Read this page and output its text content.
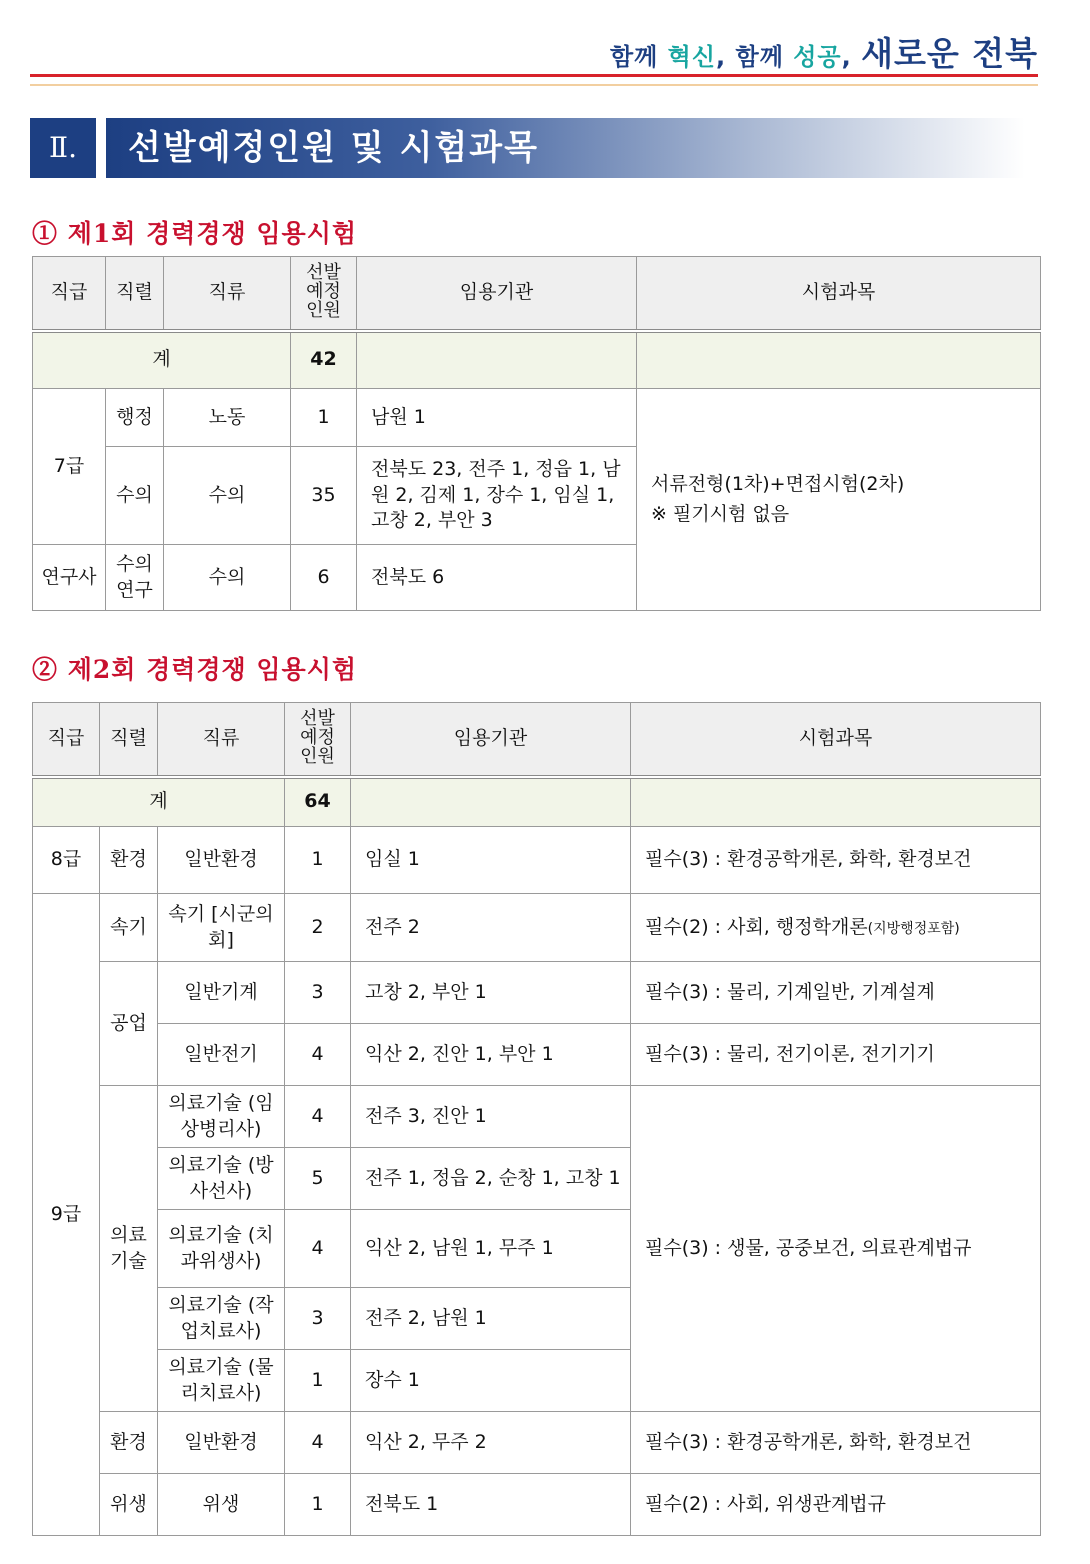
함께 혁신, 함께 성공, 새로운 전북
Ⅱ.	선발예정인원 및 시험과목
① 제1회 경력경쟁 임용시험
직급	직렬	직류	선발
예정
인원	임용기관	시험과목
계			42		
7급	행정	노동	1	남원 1	서류전형(1차)+면접시험(2차)
※ 필기시험 없음

	수의	수의	35	전북도 23, 전주 1, 정읍 1, 남원 2, 김제 1, 장수 1, 임실 1, 고창 2, 부안 3	
연구사	수의연구	수의	6	전북도 6	
② 제2회 경력경쟁 임용시험
직급	직렬	직류	선발
예정
인원	임용기관	시험과목
계			64		
8급	환경	일반환경	1	임실 1	필수(3) : 환경공학개론, 화학, 환경보건
9급	속기	속기 [시군의회]	2	전주 2	필수(2) : 사회, 행정학개론(지방행정포함)
	공업	일반기계	3	고창 2, 부안 1	필수(3) : 물리, 기계일반, 기계설계
		일반전기	4	익산 2, 진안 1, 부안 1	필수(3) : 물리, 전기이론, 전기기기
	의료기술	의료기술 (임상병리사)	4	전주 3, 진안 1	필수(3) : 생물, 공중보건, 의료관계법규
		의료기술 (방사선사)	5	전주 1, 정읍 2, 순창 1, 고창 1	
		의료기술 (치과위생사)	4	익산 2, 남원 1, 무주 1	
		의료기술 (작업치료사)	3	전주 2, 남원 1	
		의료기술 (물리치료사)	1	장수 1	
	환경	일반환경	4	익산 2, 무주 2	필수(3) : 환경공학개론, 화학, 환경보건
	위생	위생	1	전북도 1	필수(2) : 사회, 위생관계법규
